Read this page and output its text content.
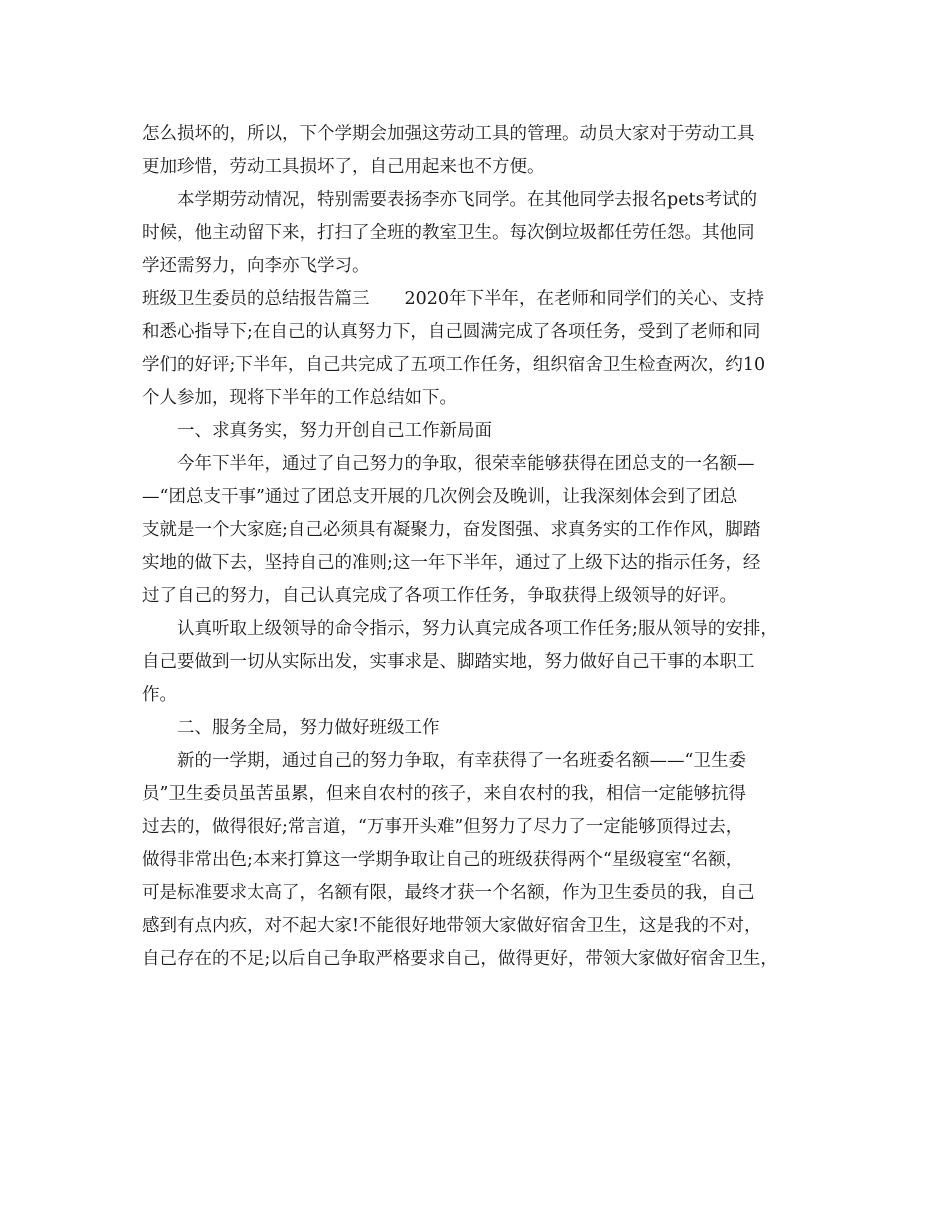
怎么损坏的，所以，下个学期会加强这劳动工具的管理。动员大家对于劳动工具
更加珍惜，劳动工具损坏了，自己用起来也不方便。
　　本学期劳动情况，特别需要表扬李亦飞同学。在其他同学去报名pets考试的
时候，他主动留下来，打扫了全班的教室卫生。每次倒垃圾都任劳任怨。其他同
学还需努力，向李亦飞学习。
班级卫生委员的总结报告篇三　　2020年下半年，在老师和同学们的关心、支持
和悉心指导下;在自己的认真努力下，自己圆满完成了各项任务，受到了老师和同
学们的好评;下半年，自己共完成了五项工作任务，组织宿舍卫生检查两次，约10
个人参加，现将下半年的工作总结如下。
　　一、求真务实，努力开创自己工作新局面
　　今年下半年，通过了自己努力的争取，很荣幸能够获得在团总支的一名额—
—“团总支干事”通过了团总支开展的几次例会及晚训，让我深刻体会到了团总
支就是一个大家庭;自己必须具有凝聚力，奋发图强、求真务实的工作作风，脚踏
实地的做下去，坚持自己的准则;这一年下半年，通过了上级下达的指示任务，经
过了自己的努力，自己认真完成了各项工作任务，争取获得上级领导的好评。
　　认真听取上级领导的命令指示，努力认真完成各项工作任务;服从领导的安排，
自己要做到一切从实际出发，实事求是、脚踏实地，努力做好自己干事的本职工
作。
　　二、服务全局，努力做好班级工作
　　新的一学期，通过自己的努力争取，有幸获得了一名班委名额——“卫生委
员”卫生委员虽苦虽累，但来自农村的孩子，来自农村的我，相信一定能够抗得
过去的，做得很好;常言道，“万事开头难”但努力了尽力了一定能够顶得过去，
做得非常出色;本来打算这一学期争取让自己的班级获得两个“星级寝室“名额，
可是标准要求太高了，名额有限，最终才获一个名额，作为卫生委员的我，自己
感到有点内疚，对不起大家!不能很好地带领大家做好宿舍卫生，这是我的不对，
自己存在的不足;以后自己争取严格要求自己，做得更好，带领大家做好宿舍卫生，
